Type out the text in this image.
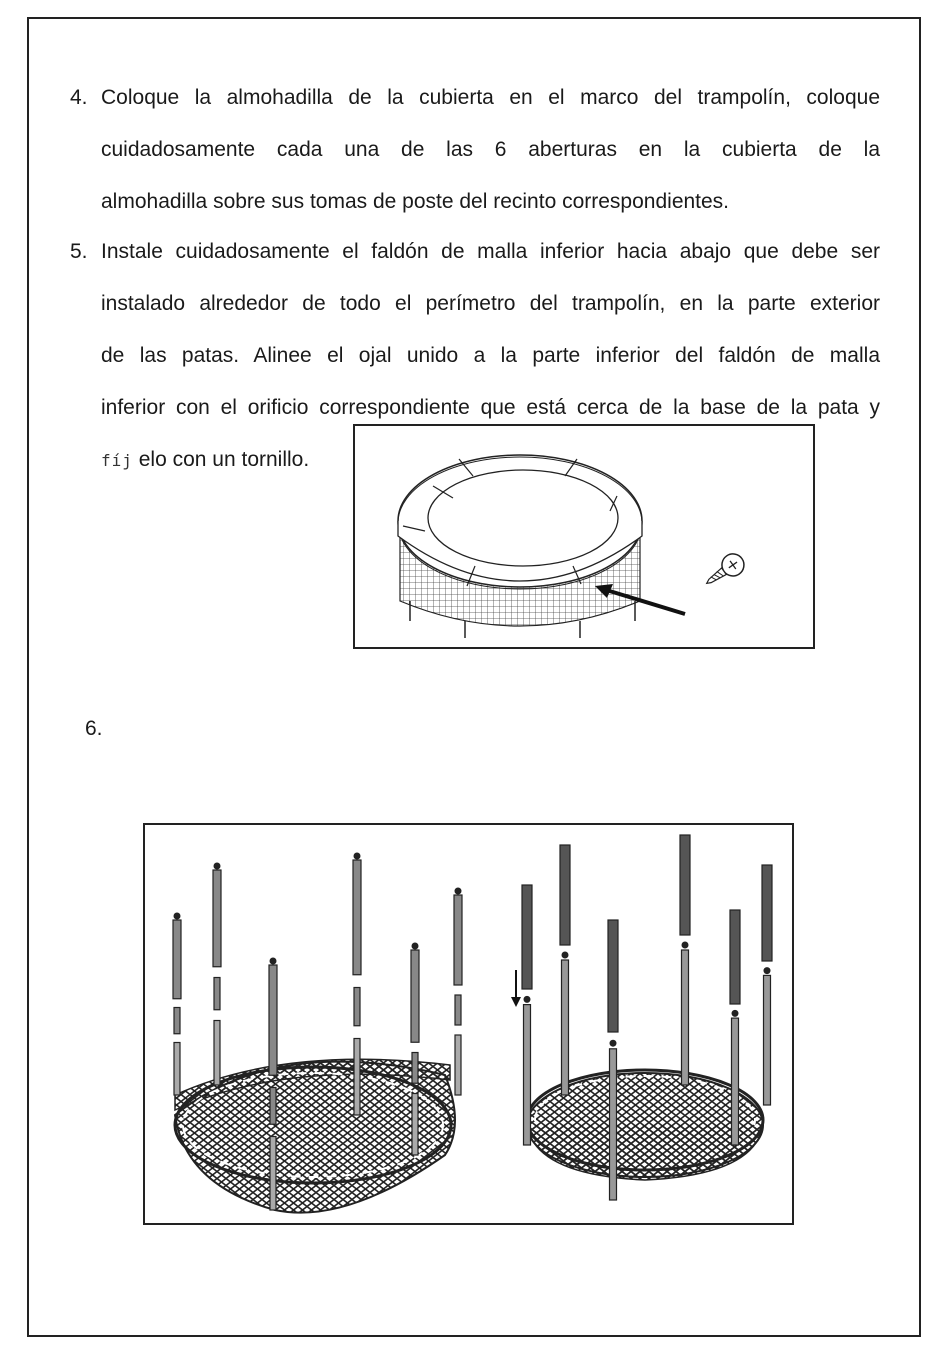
4. Coloque la almohadilla de la cubierta en el marco del trampolín, coloque
cuidadosamente cada una de las 6 aberturas en la cubierta de la
almohadilla sobre sus tomas de poste del recinto correspondientes.
5. Instale cuidadosamente el faldón de malla inferior hacia abajo que debe ser
instalado alrededor de todo el perímetro del trampolín, en la parte exterior
de las patas. Alinee el ojal unido a la parte inferior del faldón de malla
inferior con el orificio correspondiente que está cerca de la base de la pata y
fíj elo con un tornillo.
6.
